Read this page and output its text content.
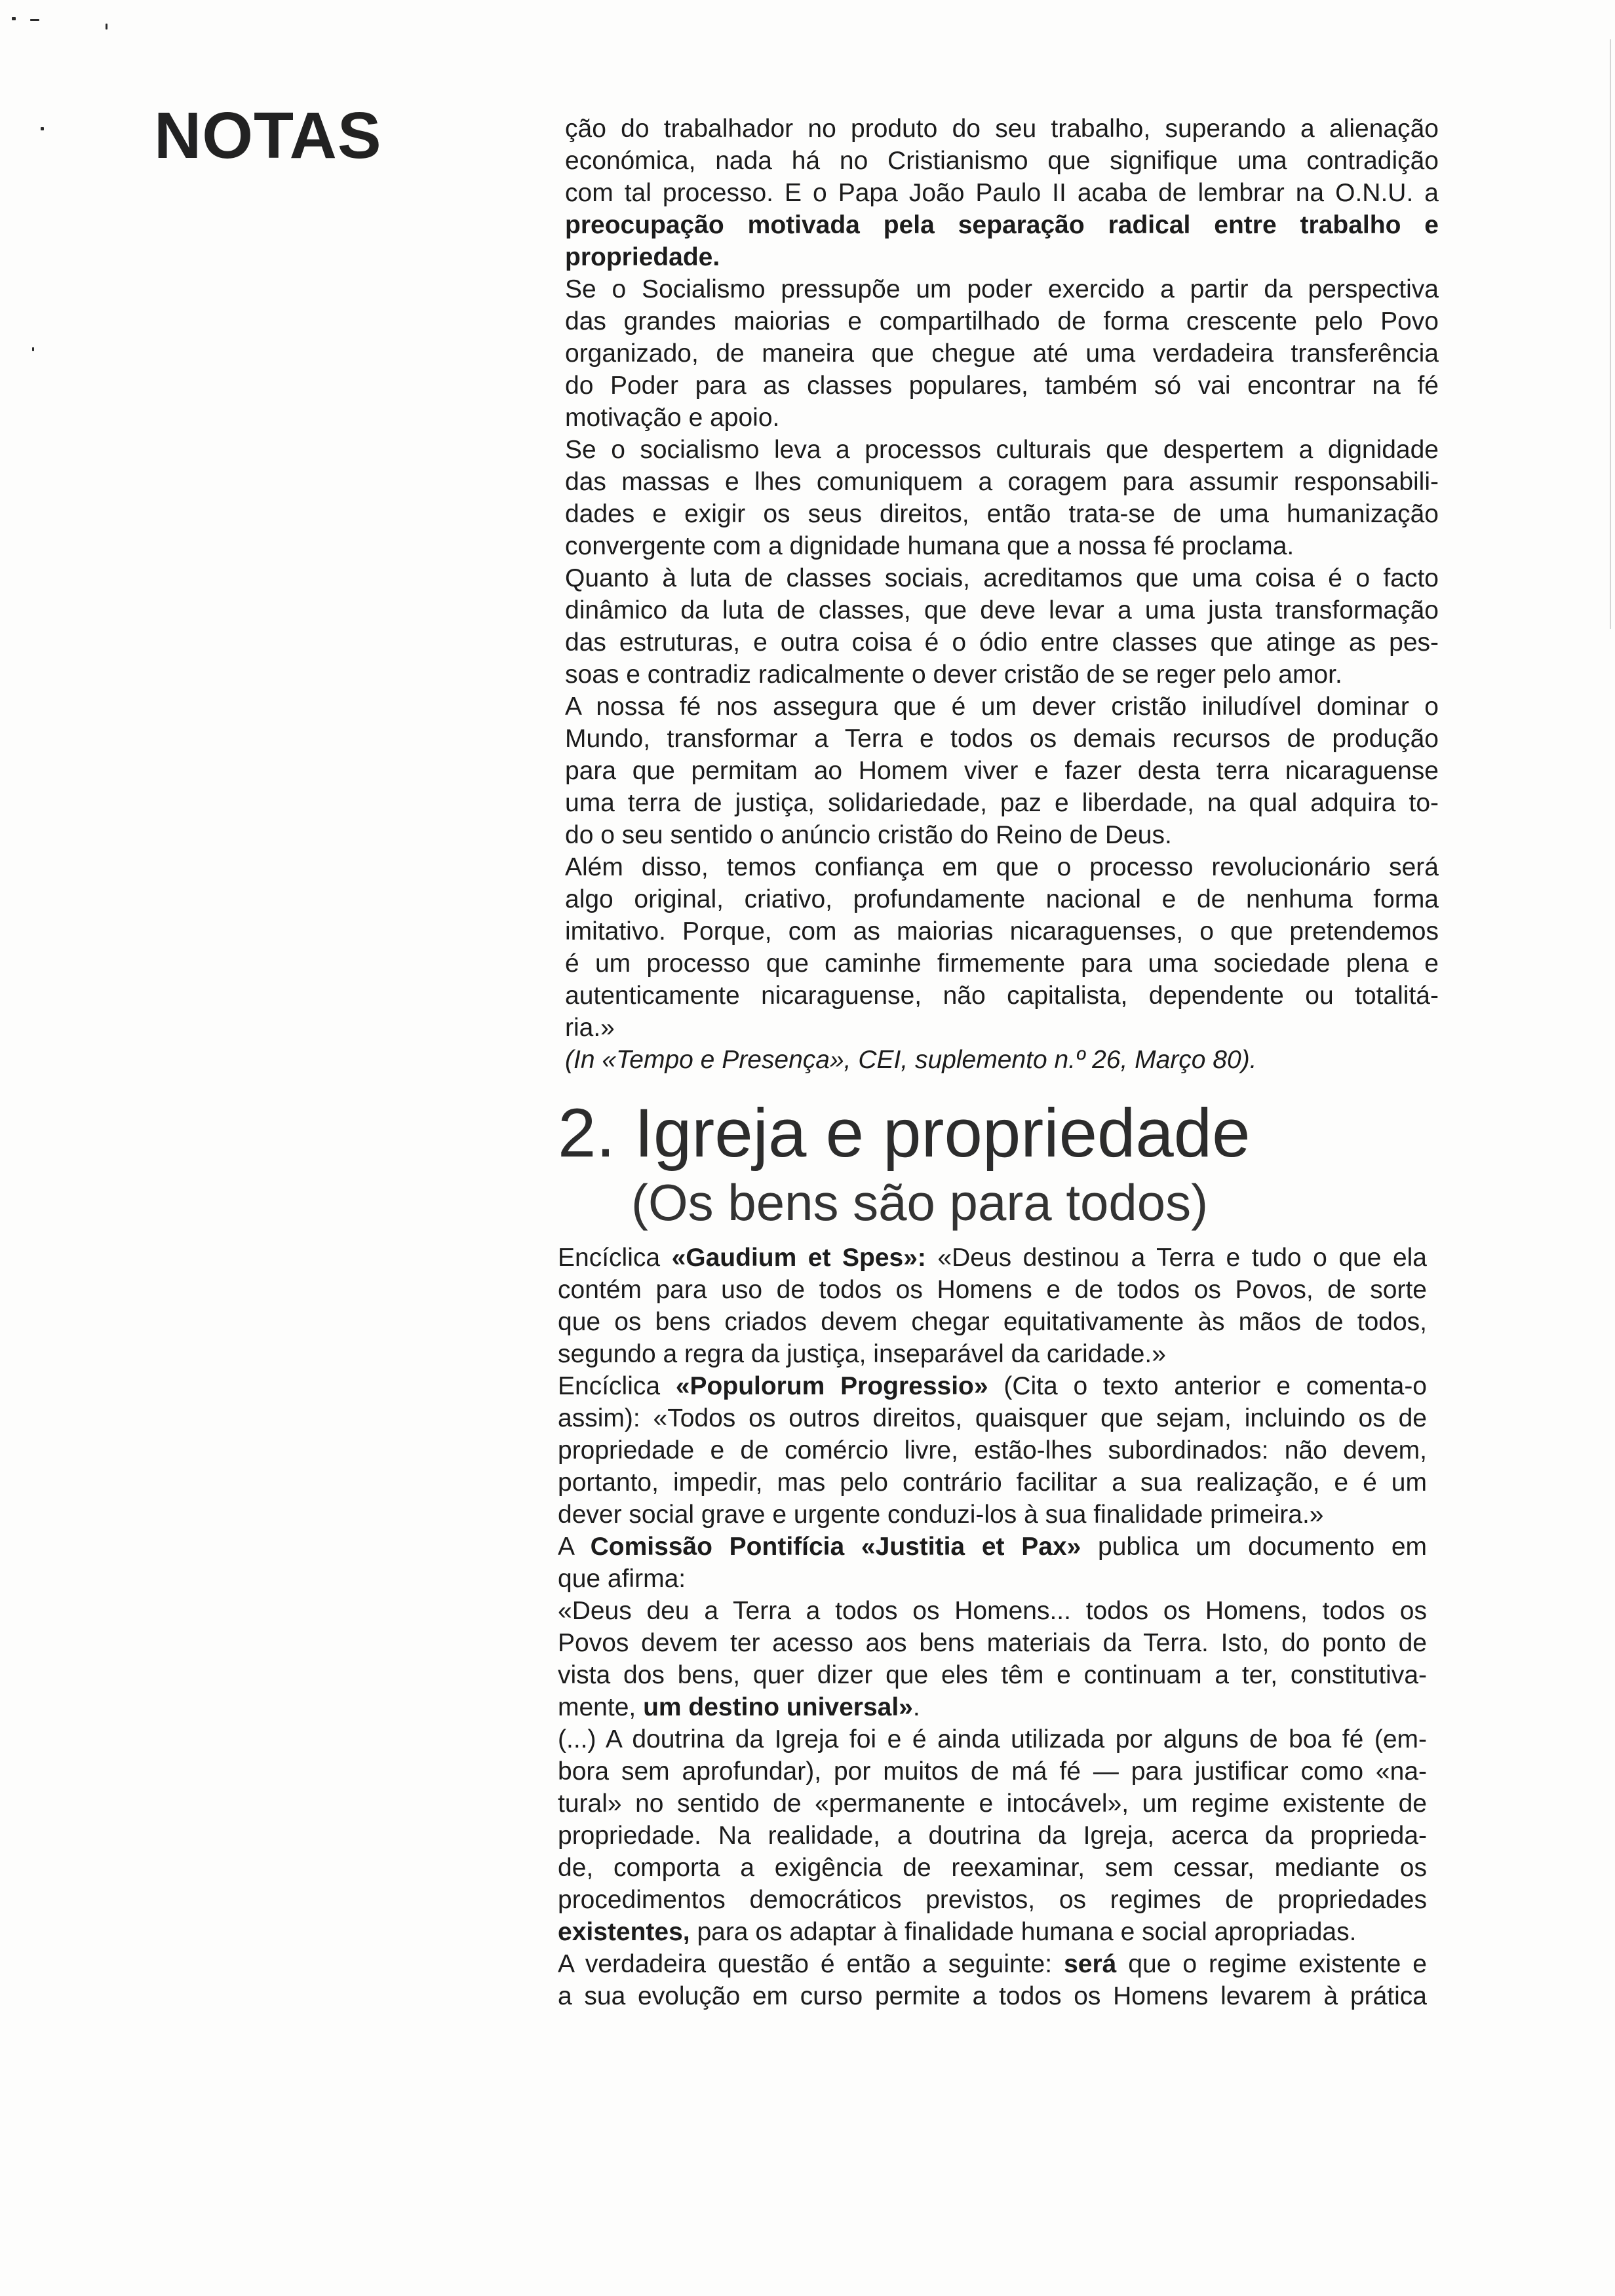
NOTAS	ção do trabalhador no produto do seu trabalho, superando a alienação
económica, nada há no Cristianismo que signifique uma contradição
com tal processo. E o Papa João Paulo II acaba de lembrar na O.N.U. a
preocupação motivada pela separação radical entre trabalho e
propriedade.
Se o Socialismo pressupõe um poder exercido a partir da perspectiva
das grandes maiorias e compartilhado de forma crescente pelo Povo
organizado, de maneira que chegue até uma verdadeira transferência
do Poder para as classes populares, também só vai encontrar na fé
motivação e apoio.
Se o socialismo leva a processos culturais que despertem a dignidade
das massas e lhes comuniquem a coragem para assumir responsabili-
dades e exigir os seus direitos, então trata-se de uma humanização
convergente com a dignidade humana que a nossa fé proclama.
Quanto à luta de classes sociais, acreditamos que uma coisa é o facto
dinâmico da luta de classes, que deve levar a uma justa transformação
das estruturas, e outra coisa é o ódio entre classes que atinge as pes-
soas e contradiz radicalmente o dever cristão de se reger pelo amor.
A nossa fé nos assegura que é um dever cristão iniludível dominar o
Mundo, transformar a Terra e todos os demais recursos de produção
para que permitam ao Homem viver e fazer desta terra nicaraguense
uma terra de justiça, solidariedade, paz e liberdade, na qual adquira to-
do o seu sentido o anúncio cristão do Reino de Deus.
Além disso, temos confiança em que o processo revolucionário será
algo original, criativo, profundamente nacional e de nenhuma forma
imitativo. Porque, com as maiorias nicaraguenses, o que pretendemos
é um processo que caminhe firmemente para uma sociedade plena e
autenticamente nicaraguense, não capitalista, dependente ou totalitá-
ria.»
(In «Tempo e Presença», CEI, suplemento n.º 26, Março 80).
2. Igreja e propriedade
(Os bens são para todos)
Encíclica «Gaudium et Spes»: «Deus destinou a Terra e tudo o que ela
contém para uso de todos os Homens e de todos os Povos, de sorte
que os bens criados devem chegar equitativamente às mãos de todos,
segundo a regra da justiça, inseparável da caridade.»
Encíclica «Populorum Progressio» (Cita o texto anterior e comenta-o
assim): «Todos os outros direitos, quaisquer que sejam, incluindo os de
propriedade e de comércio livre, estão-lhes subordinados: não devem,
portanto, impedir, mas pelo contrário facilitar a sua realização, e é um
dever social grave e urgente conduzi-los à sua finalidade primeira.»
A Comissão Pontifícia «Justitia et Pax» publica um documento em
que afirma:
«Deus deu a Terra a todos os Homens... todos os Homens, todos os
Povos devem ter acesso aos bens materiais da Terra. Isto, do ponto de
vista dos bens, quer dizer que eles têm e continuam a ter, constitutiva-
mente, um destino universal».
(...) A doutrina da Igreja foi e é ainda utilizada por alguns de boa fé (em-
bora sem aprofundar), por muitos de má fé — para justificar como «na-
tural» no sentido de «permanente e intocável», um regime existente de
propriedade. Na realidade, a doutrina da Igreja, acerca da proprieda-
de, comporta a exigência de reexaminar, sem cessar, mediante os
procedimentos democráticos previstos, os regimes de propriedades
existentes, para os adaptar à finalidade humana e social apropriadas.
A verdadeira questão é então a seguinte: será que o regime existente e
a sua evolução em curso permite a todos os Homens levarem à prática
